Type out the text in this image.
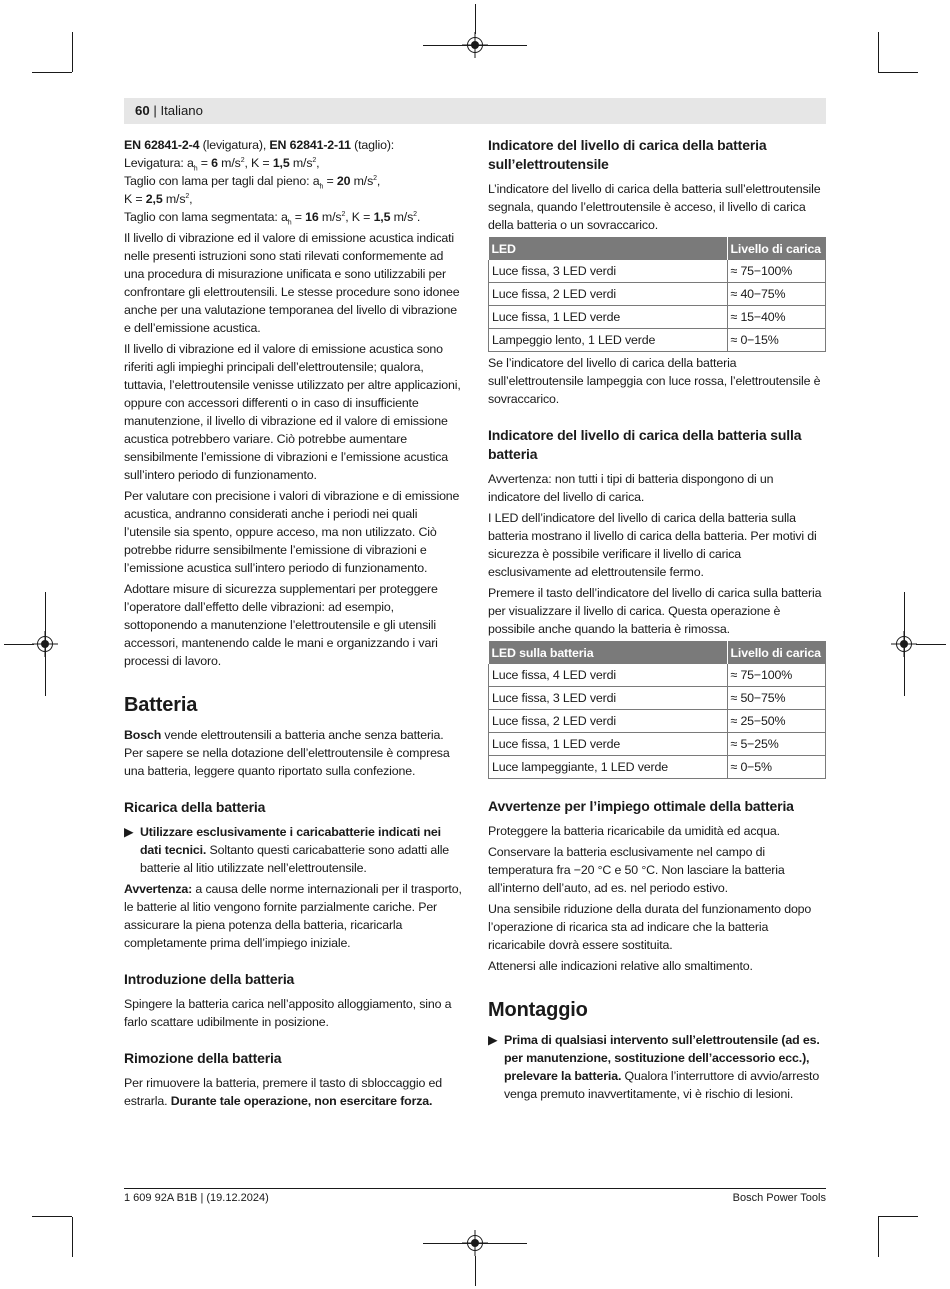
60 | Italiano

EN 62841-2-4 (levigatura), EN 62841-2-11 (taglio):
Levigatura: $a_h = 6$ $m/s^2$, K = 1,5 $m/s^2$,
Taglio con lama per tagli dal pieno: $a_h = 20$ $m/s^2$,
K = 2,5 $m/s^2$,
Taglio con lama segmentata: $a_h = 16$ $m/s^2$, K = 1,5 $m/s^2$.

Il livello di vibrazione ed il valore di emissione acustica indicati nelle presenti istruzioni sono stati rilevati conformemente ad una procedura di misurazione unificata e sono utilizzabili per confrontare gli elettroutensili. Le stesse procedure sono idonee anche per una valutazione temporanea del livello di vibrazione e dell’emissione acustica.

Il livello di vibrazione ed il valore di emissione acustica sono riferiti agli impieghi principali dell’elettroutensile; qualora, tuttavia, l’elettroutensile venisse utilizzato per altre applicazioni, oppure con accessori differenti o in caso di insufficiente manutenzione, il livello di vibrazione ed il valore di emissione acustica potrebbero variare. Ciò potrebbe aumentare sensibilmente l’emissione di vibrazioni e l’emissione acustica sull’intero periodo di funzionamento.

Per valutare con precisione i valori di vibrazione e di emissione acustica, andranno considerati anche i periodi nei quali l’utensile sia spento, oppure acceso, ma non utilizzato. Ciò potrebbe ridurre sensibilmente l’emissione di vibrazioni e l’emissione acustica sull’intero periodo di funzionamento.

Adottare misure di sicurezza supplementari per proteggere l’operatore dall’effetto delle vibrazioni: ad esempio, sottoponendo a manutenzione l’elettroutensile e gli utensili accessori, mantenendo calde le mani e organizzando i vari processi di lavoro.

Batteria

Bosch vende elettroutensili a batteria anche senza batteria. Per sapere se nella dotazione dell’elettroutensile è compresa una batteria, leggere quanto riportato sulla confezione.

Ricarica della batteria

▶ Utilizzare esclusivamente i caricabatterie indicati nei dati tecnici. Soltanto questi caricabatterie sono adatti alle batterie al litio utilizzate nell’elettroutensile.

Avvertenza: a causa delle norme internazionali per il trasporto, le batterie al litio vengono fornite parzialmente cariche. Per assicurare la piena potenza della batteria, ricaricarla completamente prima dell’impiego iniziale.

Introduzione della batteria

Spingere la batteria carica nell’apposito alloggiamento, sino a farlo scattare udibilmente in posizione.

Rimozione della batteria

Per rimuovere la batteria, premere il tasto di sbloccaggio ed estrarla. Durante tale operazione, non esercitare forza.

Indicatore del livello di carica della batteria sull’elettroutensile

L’indicatore del livello di carica della batteria sull’elettroutensile segnala, quando l’elettroutensile è acceso, il livello di carica della batteria o un sovraccarico.

LED	Livello di carica
Luce fissa, 3 LED verdi	≈ 75−100%
Luce fissa, 2 LED verdi	≈ 40−75%
Luce fissa, 1 LED verde	≈ 15−40%
Lampeggio lento, 1 LED verde	≈ 0−15%

Se l’indicatore del livello di carica della batteria sull’elettroutensile lampeggia con luce rossa, l’elettroutensile è sovraccarico.

Indicatore del livello di carica della batteria sulla batteria

Avvertenza: non tutti i tipi di batteria dispongono di un indicatore del livello di carica.

I LED dell’indicatore del livello di carica della batteria sulla batteria mostrano il livello di carica della batteria. Per motivi di sicurezza è possibile verificare il livello di carica esclusivamente ad elettroutensile fermo.

Premere il tasto dell’indicatore del livello di carica sulla batteria per visualizzare il livello di carica. Questa operazione è possibile anche quando la batteria è rimossa.

LED sulla batteria	Livello di carica
Luce fissa, 4 LED verdi	≈ 75−100%
Luce fissa, 3 LED verdi	≈ 50−75%
Luce fissa, 2 LED verdi	≈ 25−50%
Luce fissa, 1 LED verde	≈ 5−25%
Luce lampeggiante, 1 LED verde	≈ 0−5%
Avvertenze per l’impiego ottimale della batteria

Proteggere la batteria ricaricabile da umidità ed acqua.

Conservare la batteria esclusivamente nel campo di temperatura fra −20 °C e 50 °C. Non lasciare la batteria all’interno dell’auto, ad es. nel periodo estivo.

Una sensibile riduzione della durata del funzionamento dopo l’operazione di ricarica sta ad indicare che la batteria ricaricabile dovrà essere sostituita.

Attenersi alle indicazioni relative allo smaltimento.

Montaggio

▶ Prima di qualsiasi intervento sull’elettroutensile (ad es. per manutenzione, sostituzione dell’accessorio ecc.), prelevare la batteria. Qualora l’interruttore di avvio/arresto venga premuto inavvertitamente, vi è rischio di lesioni.

1 609 92A B1B | (19.12.2024)	Bosch Power Tools
